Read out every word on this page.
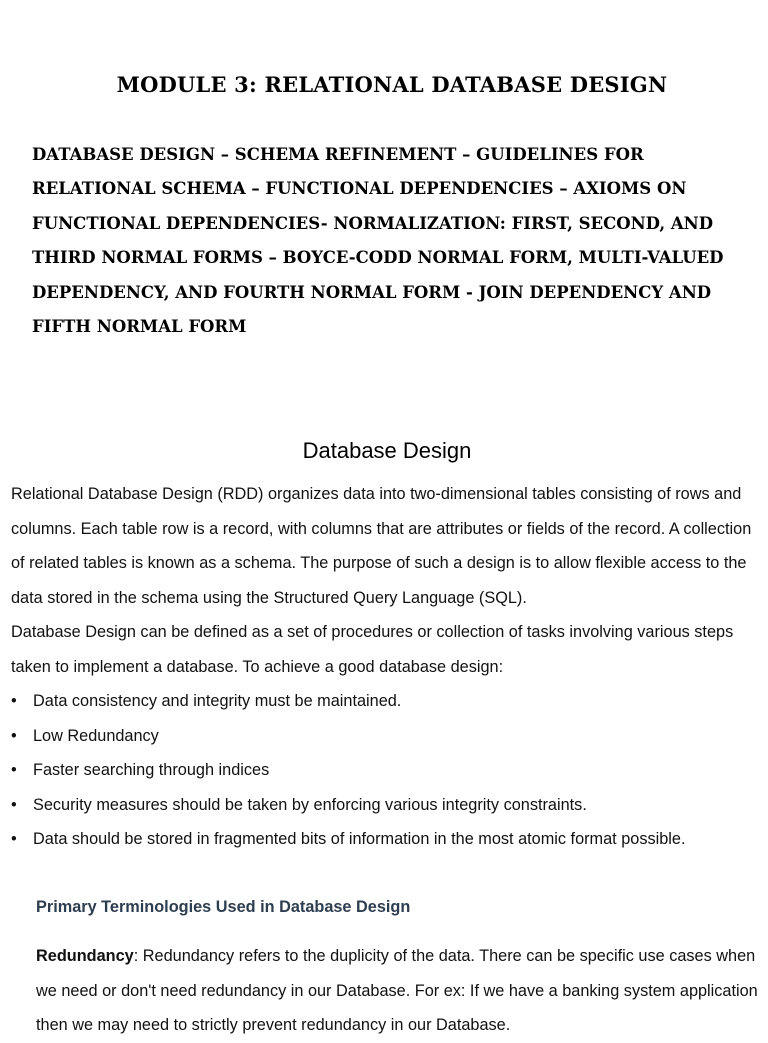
MODULE 3: RELATIONAL DATABASE DESIGN
DATABASE DESIGN – SCHEMA REFINEMENT – GUIDELINES FOR RELATIONAL SCHEMA – FUNCTIONAL DEPENDENCIES – AXIOMS ON FUNCTIONAL DEPENDENCIES- NORMALIZATION: FIRST, SECOND, AND THIRD NORMAL FORMS – BOYCE-CODD NORMAL FORM, MULTI-VALUED DEPENDENCY, AND FOURTH NORMAL FORM - JOIN DEPENDENCY AND FIFTH NORMAL FORM
Database Design

Relational Database Design (RDD) organizes data into two-dimensional tables consisting of rows and columns. Each table row is a record, with columns that are attributes or fields of the record. A collection of related tables is known as a schema. The purpose of such a design is to allow flexible access to the data stored in the schema using the Structured Query Language (SQL).

Database Design can be defined as a set of procedures or collection of tasks involving various steps taken to implement a database. To achieve a good database design:

• Data consistency and integrity must be maintained.
• Low Redundancy
• Faster searching through indices
• Security measures should be taken by enforcing various integrity constraints.
• Data should be stored in fragmented bits of information in the most atomic format possible.
Primary Terminologies Used in Database Design
Redundancy: Redundancy refers to the duplicity of the data. There can be specific use cases when we need or don't need redundancy in our Database. For ex: If we have a banking system application then we may need to strictly prevent redundancy in our Database.
